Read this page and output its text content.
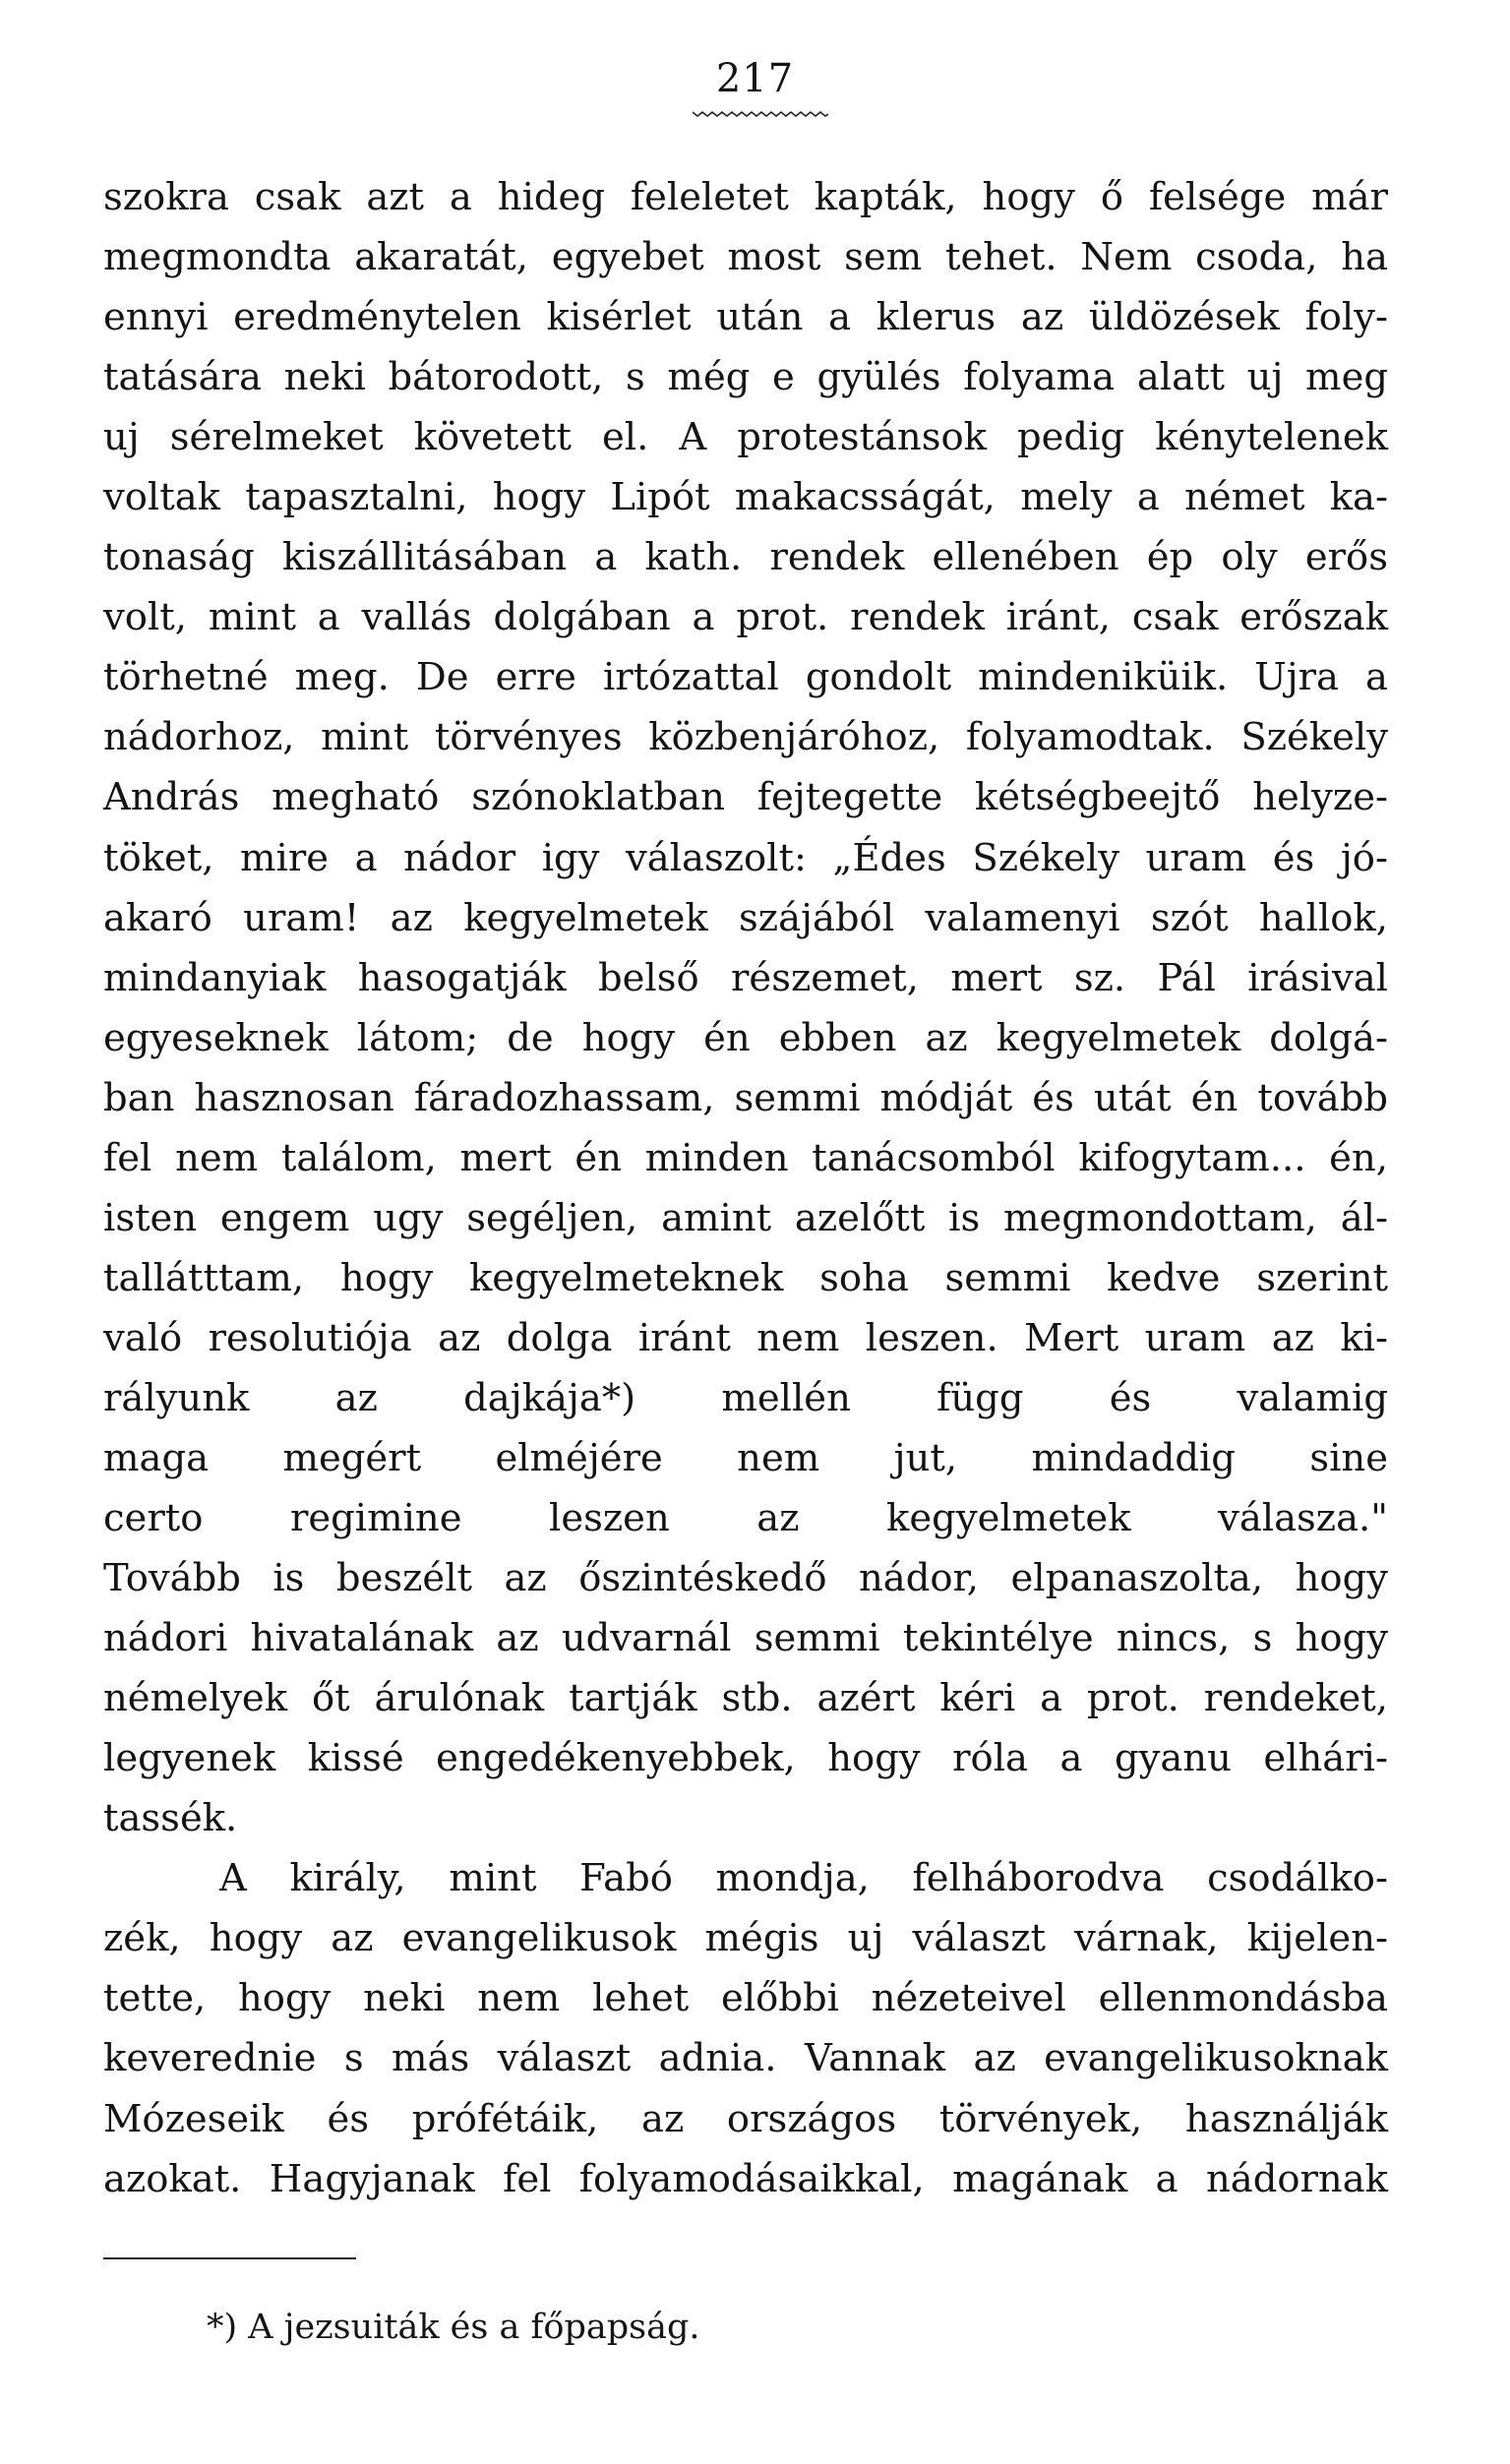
217
szokra csak azt a hideg feleletet kapták, hogy ő felsége már
megmondta akaratát, egyebet most sem tehet. Nem csoda, ha
ennyi eredménytelen kisérlet után a klerus az üldözések foly-
tatására neki bátorodott, s még e gyülés folyama alatt uj meg
uj sérelmeket követett el. A protestánsok pedig kénytelenek
voltak tapasztalni, hogy Lipót makacsságát, mely a német ka-
tonaság kiszállitásában a kath. rendek ellenében ép oly erős
volt, mint a vallás dolgában a prot. rendek iránt, csak erőszak
törhetné meg. De erre irtózattal gondolt mindeniküik. Ujra a
nádorhoz, mint törvényes közbenjáróhoz, folyamodtak. Székely
András megható szónoklatban fejtegette kétségbeejtő helyze-
töket, mire a nádor igy válaszolt: „Édes Székely uram és jó-
akaró uram! az kegyelmetek szájából valamenyi szót hallok,
mindanyiak hasogatják belső részemet, mert sz. Pál irásival
egyeseknek látom; de hogy én ebben az kegyelmetek dolgá-
ban hasznosan fáradozhassam, semmi módját és utát én tovább
fel nem találom, mert én minden tanácsomból kifogytam... én,
isten engem ugy segéljen, amint azelőtt is megmondottam, ál-
tallátttam, hogy kegyelmeteknek soha semmi kedve szerint
való resolutiója az dolga iránt nem leszen. Mert uram az ki-
rályunk az dajkája*) mellén függ és valamig
maga megért elméjére nem jut, mindaddig sine
certo regimine leszen az kegyelmetek válasza."
Tovább is beszélt az őszintéskedő nádor, elpanaszolta, hogy
nádori hivatalának az udvarnál semmi tekintélye nincs, s hogy
némelyek őt árulónak tartják stb. azért kéri a prot. rendeket,
legyenek kissé engedékenyebbek, hogy róla a gyanu elhári-
tassék.
A király, mint Fabó mondja, felháborodva csodálko-
zék, hogy az evangelikusok mégis uj választ várnak, kijelen-
tette, hogy neki nem lehet előbbi nézeteivel ellenmondásba
keverednie s más választ adnia. Vannak az evangelikusoknak
Mózeseik és prófétáik, az országos törvények, használják
azokat. Hagyjanak fel folyamodásaikkal, magának a nádornak
*) A jezsuiták és a főpapság.
